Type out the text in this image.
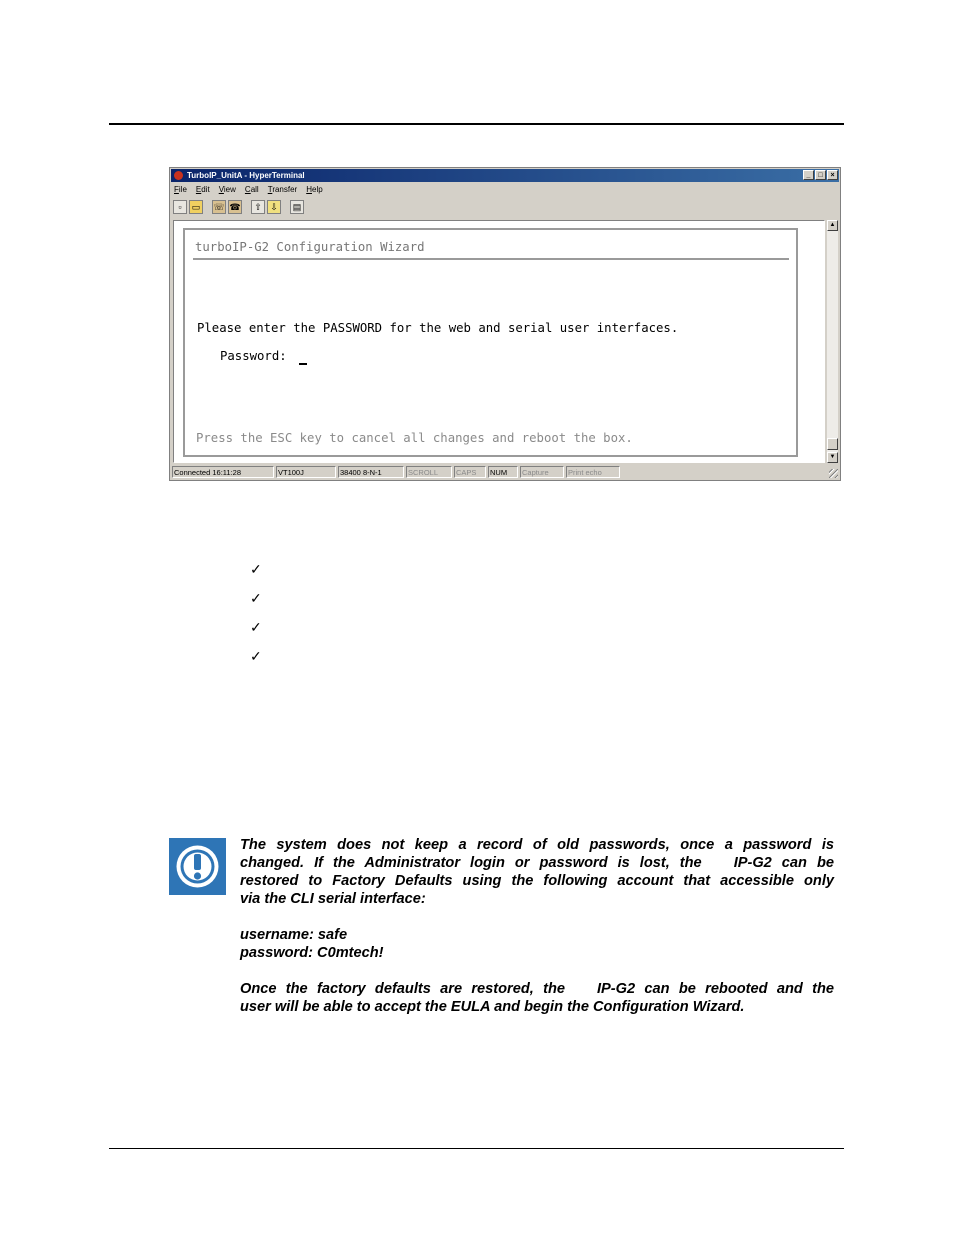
TurboIP_UnitA - HyperTerminal	_	□	×
File Edit View Call Transfer Help
▫	▭	☏ ☎	⇧ ⇩	▤
turboIP-G2 Configuration Wizard
Please enter the PASSWORD for the web and serial user interfaces.
Password:
Press the ESC key to cancel all changes and reboot the box.
▲
▼
Connected 16:11:28	VT100J	38400 8-N-1	SCROLL	CAPS	NUM	Capture	Print echo
✓
✓
✓
✓

The system does not keep a record of old passwords, once a password is

changed. If the Administrator login or password is lost, the IP-G2 can be

restored to Factory Defaults using the following account that accessible only

via the CLI serial interface:

username: safe

password: C0mtech!

Once the factory defaults are restored, the IP-G2 can be rebooted and the

user will be able to accept the EULA and begin the Configuration Wizard.
